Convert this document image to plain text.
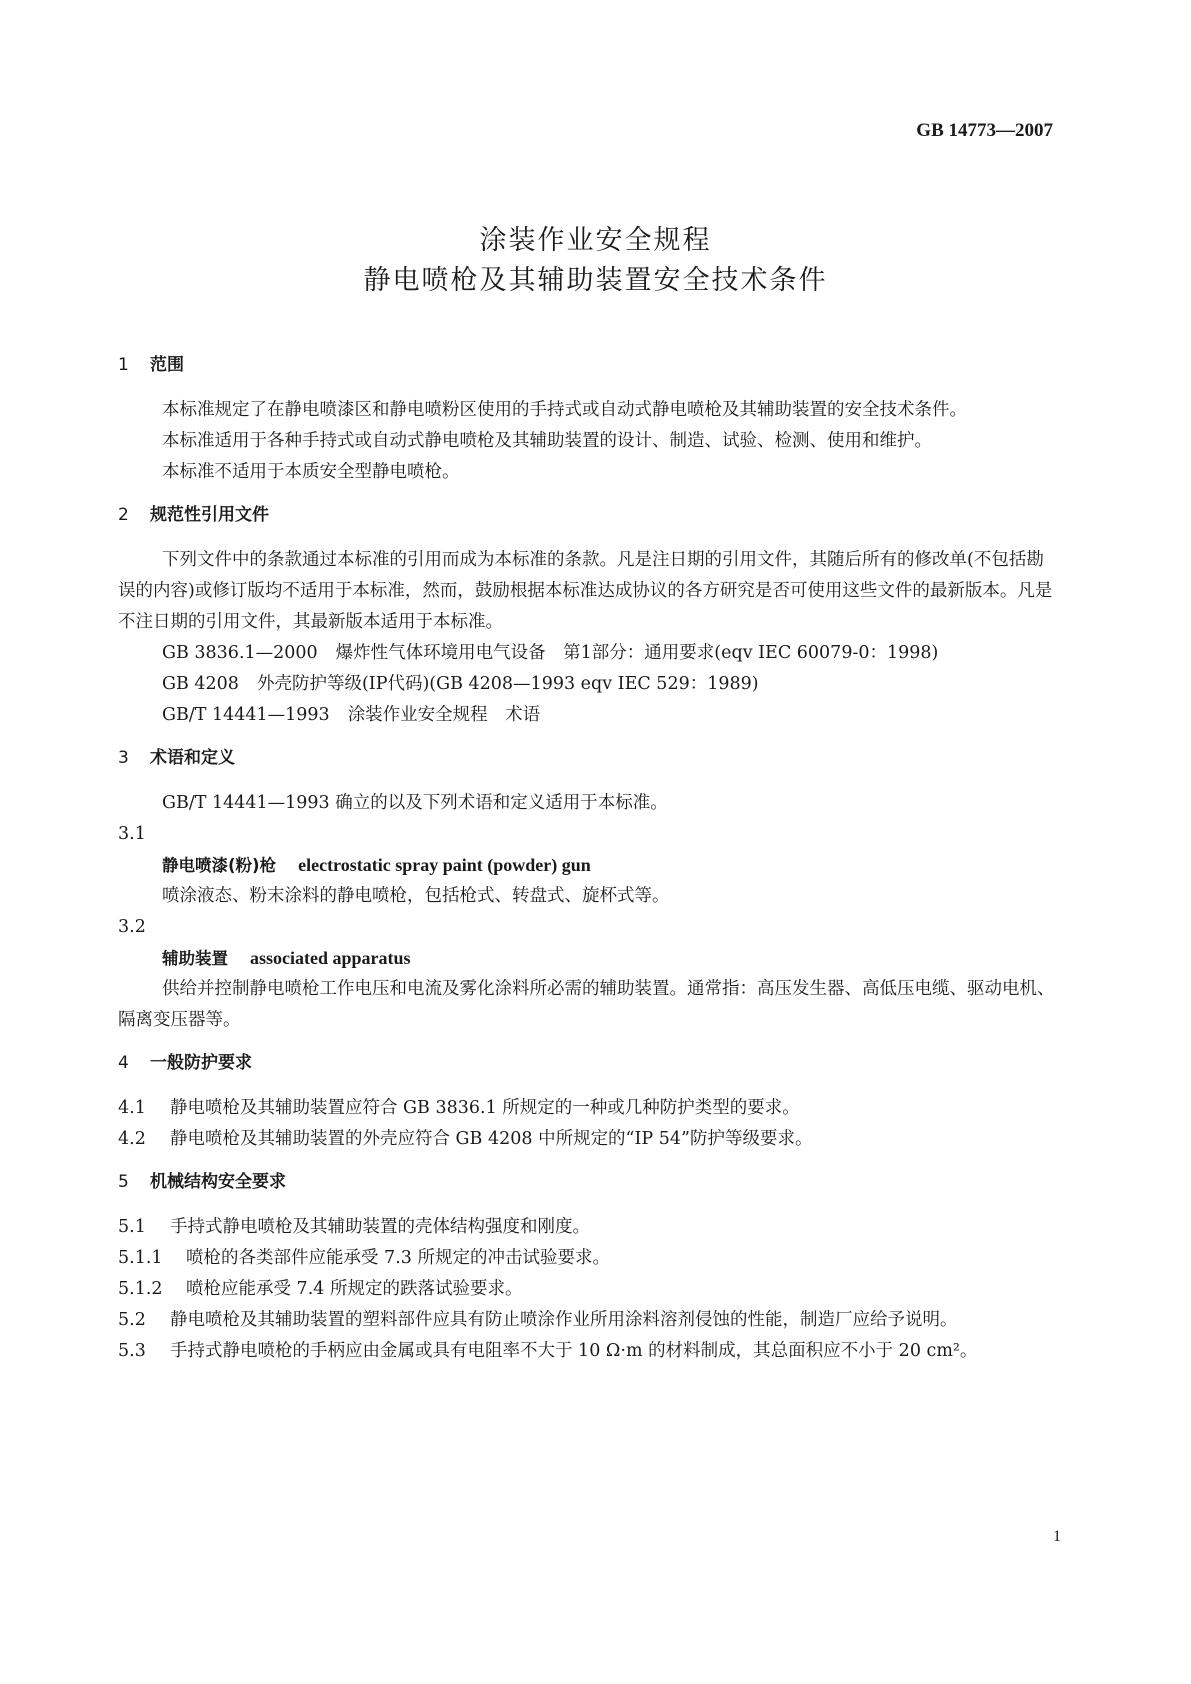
GB 14773—2007
涂装作业安全规程
静电喷枪及其辅助装置安全技术条件
1 范围

本标准规定了在静电喷漆区和静电喷粉区使用的手持式或自动式静电喷枪及其辅助装置的安全技术条件。

本标准适用于各种手持式或自动式静电喷枪及其辅助装置的设计、制造、试验、检测、使用和维护。

本标准不适用于本质安全型静电喷枪。

2 规范性引用文件

下列文件中的条款通过本标准的引用而成为本标准的条款。凡是注日期的引用文件，其随后所有的修改单(不包括勘误的内容)或修订版均不适用于本标准，然而，鼓励根据本标准达成协议的各方研究是否可使用这些文件的最新版本。凡是不注日期的引用文件，其最新版本适用于本标准。

GB 3836.1—2000 爆炸性气体环境用电气设备　第1部分：通用要求(eqv IEC 60079-0：1998)

GB 4208 外壳防护等级(IP代码)(GB 4208—1993 eqv IEC 529：1989)

GB/T 14441—1993 涂装作业安全规程　术语

3 术语和定义

GB/T 14441—1993 确立的以及下列术语和定义适用于本标准。

3.1

静电喷漆(粉)枪 electrostatic spray paint (powder) gun

喷涂液态、粉末涂料的静电喷枪，包括枪式、转盘式、旋杯式等。

3.2

辅助装置 associated apparatus

供给并控制静电喷枪工作电压和电流及雾化涂料所必需的辅助装置。通常指：高压发生器、高低压电缆、驱动电机、隔离变压器等。

4 一般防护要求

4.1 静电喷枪及其辅助装置应符合 GB 3836.1 所规定的一种或几种防护类型的要求。

4.2 静电喷枪及其辅助装置的外壳应符合 GB 4208 中所规定的“IP 54”防护等级要求。

5 机械结构安全要求

5.1 手持式静电喷枪及其辅助装置的壳体结构强度和刚度。

5.1.1 喷枪的各类部件应能承受 7.3 所规定的冲击试验要求。

5.1.2 喷枪应能承受 7.4 所规定的跌落试验要求。

5.2 静电喷枪及其辅助装置的塑料部件应具有防止喷涂作业所用涂料溶剂侵蚀的性能，制造厂应给予说明。

5.3 手持式静电喷枪的手柄应由金属或具有电阻率不大于 10 Ω·m 的材料制成，其总面积应不小于 20 cm²。

1
